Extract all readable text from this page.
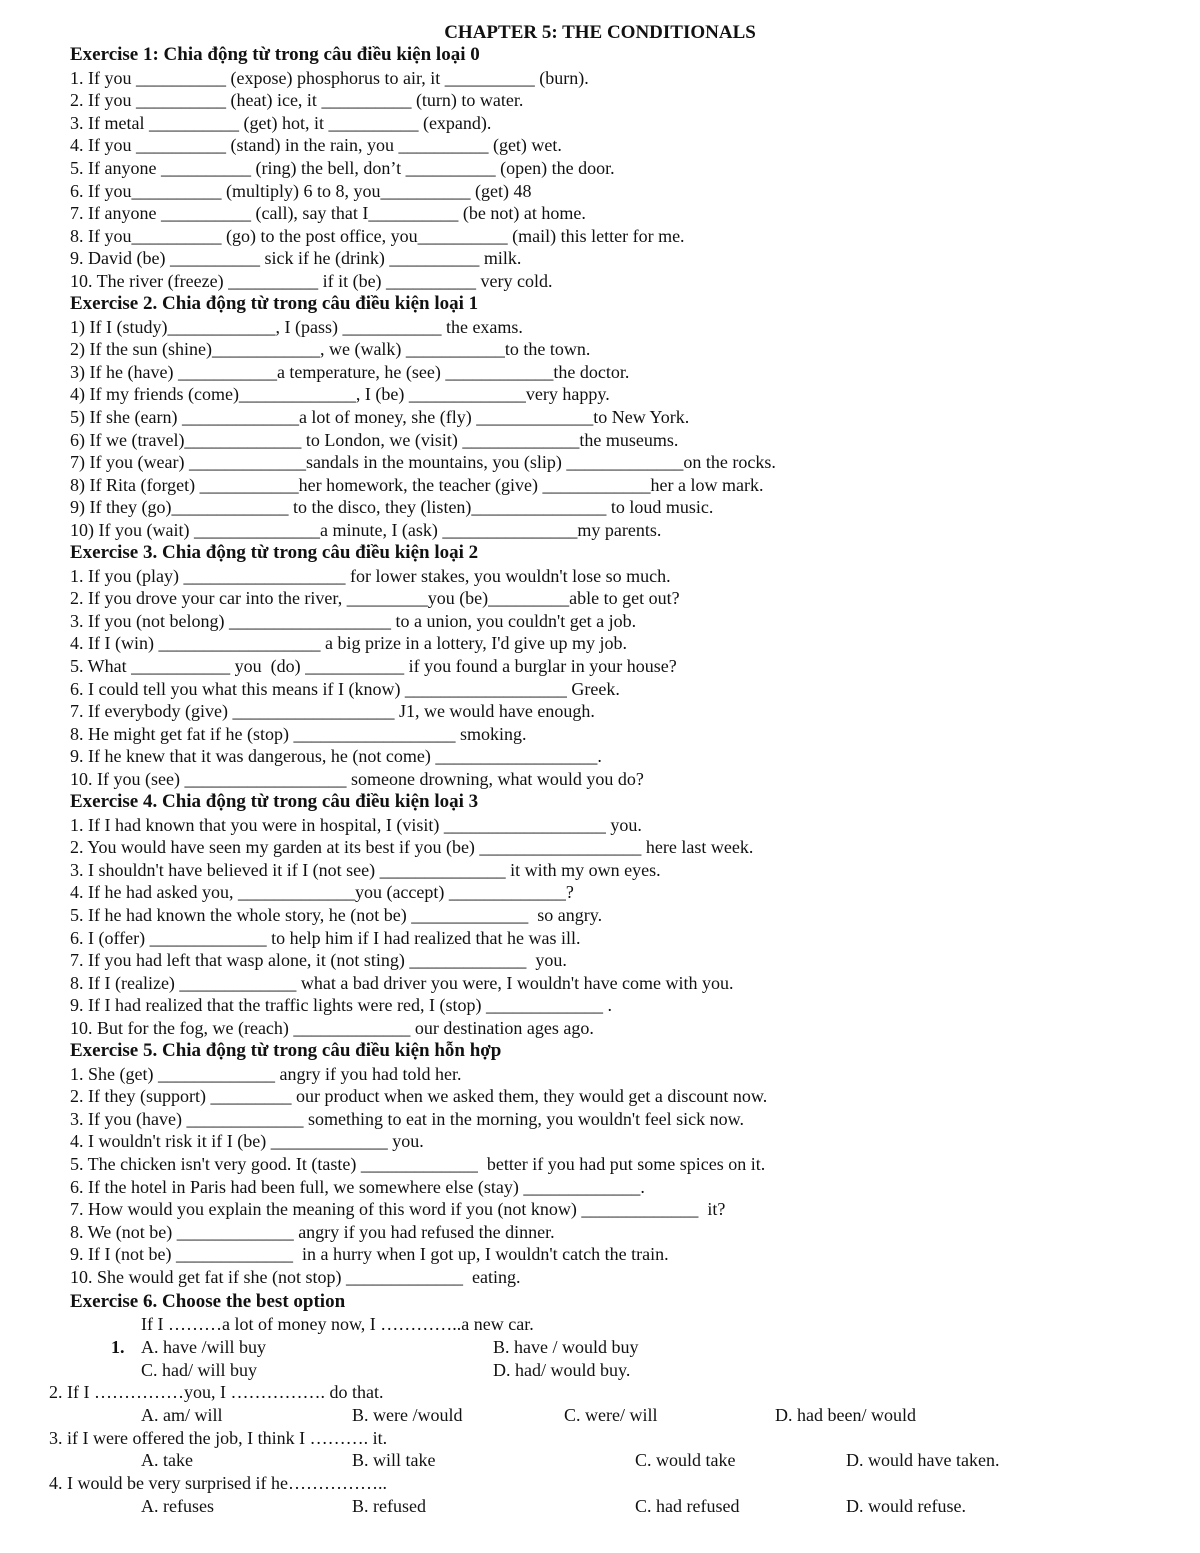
CHAPTER 5: THE CONDITIONALS
Exercise 1: Chia động từ trong câu điều kiện loại 0
1. If you __________ (expose) phosphorus to air, it __________ (burn).
2. If you __________ (heat) ice, it __________ (turn) to water.
3. If metal __________ (get) hot, it __________ (expand).
4. If you __________ (stand) in the rain, you __________ (get) wet.
5. If anyone __________ (ring) the bell, don’t __________ (open) the door.
6. If you__________ (multiply) 6 to 8, you__________ (get) 48
7. If anyone __________ (call), say that I__________ (be not) at home.
8. If you__________ (go) to the post office, you__________ (mail) this letter for me.
9. David (be) __________ sick if he (drink) __________ milk.
10. The river (freeze) __________ if it (be) __________ very cold.
Exercise 2. Chia động từ trong câu điều kiện loại 1
1) If I (study)____________, I (pass) ___________ the exams.
2) If the sun (shine)____________, we (walk) ___________to the town.
3) If he (have) ___________a temperature, he (see) ____________the doctor.
4) If my friends (come)_____________, I (be) _____________very happy.
5) If she (earn) _____________a lot of money, she (fly) _____________to New York.
6) If we (travel)_____________ to London, we (visit) _____________the museums.
7) If you (wear) _____________sandals in the mountains, you (slip) _____________on the rocks.
8) If Rita (forget) ___________her homework, the teacher (give) ____________her a low mark.
9) If they (go)_____________ to the disco, they (listen)_______________ to loud music.
10) If you (wait) ______________a minute, I (ask) _______________my parents.
Exercise 3. Chia động từ trong câu điều kiện loại 2
1. If you (play) __________________ for lower stakes, you wouldn't lose so much.
2. If you drove your car into the river, _________you (be)_________able to get out?
3. If you (not belong) __________________ to a union, you couldn't get a job.
4. If I (win) __________________ a big prize in a lottery, I'd give up my job.
5. What ___________ you  (do) ___________ if you found a burglar in your house?
6. I could tell you what this means if I (know) __________________ Greek.
7. If everybody (give) __________________ J1, we would have enough.
8. He might get fat if he (stop) __________________ smoking.
9. If he knew that it was dangerous, he (not come) __________________.
10. If you (see) __________________ someone drowning, what would you do?
Exercise 4. Chia động từ trong câu điều kiện loại 3
1. If I had known that you were in hospital, I (visit) __________________ you.
2. You would have seen my garden at its best if you (be) __________________ here last week.
3. I shouldn't have believed it if I (not see) ______________ it with my own eyes.
4. If he had asked you, _____________you (accept) _____________?
5. If he had known the whole story, he (not be) _____________  so angry.
6. I (offer) _____________ to help him if I had realized that he was ill.
7. If you had left that wasp alone, it (not sting) _____________  you.
8. If I (realize) _____________ what a bad driver you were, I wouldn't have come with you.
9. If I had realized that the traffic lights were red, I (stop) _____________ .
10. But for the fog, we (reach) _____________ our destination ages ago.
Exercise 5. Chia động từ trong câu điều kiện hỗn hợp
1. She (get) _____________ angry if you had told her.
2. If they (support) _________ our product when we asked them, they would get a discount now.
3. If you (have) _____________ something to eat in the morning, you wouldn't feel sick now.
4. I wouldn't risk it if I (be) _____________ you.
5. The chicken isn't very good. It (taste) _____________  better if you had put some spices on it.
6. If the hotel in Paris had been full, we somewhere else (stay) _____________.
7. How would you explain the meaning of this word if you (not know) _____________  it?
8. We (not be) _____________ angry if you had refused the dinner.
9. If I (not be) _____________  in a hurry when I got up, I wouldn't catch the train.
10. She would get fat if she (not stop) _____________  eating.
Exercise 6. Choose the best option

1.

If I ………a lot of money now, I …………..a new car.
A. have /will buy	B. have / would buy
C. had/ will buy	D. had/ would buy.
2. If I ……………you, I ……………. do that.
A. am/ will	B. were /would	C. were/ will	D. had been/ would
3. if I were offered the job, I think I ………. it.
A. take	B. will take	C. would take	D. would have taken.
4. I would be very surprised if he……………..
A. refuses	B. refused	C. had refused	D. would refuse.
